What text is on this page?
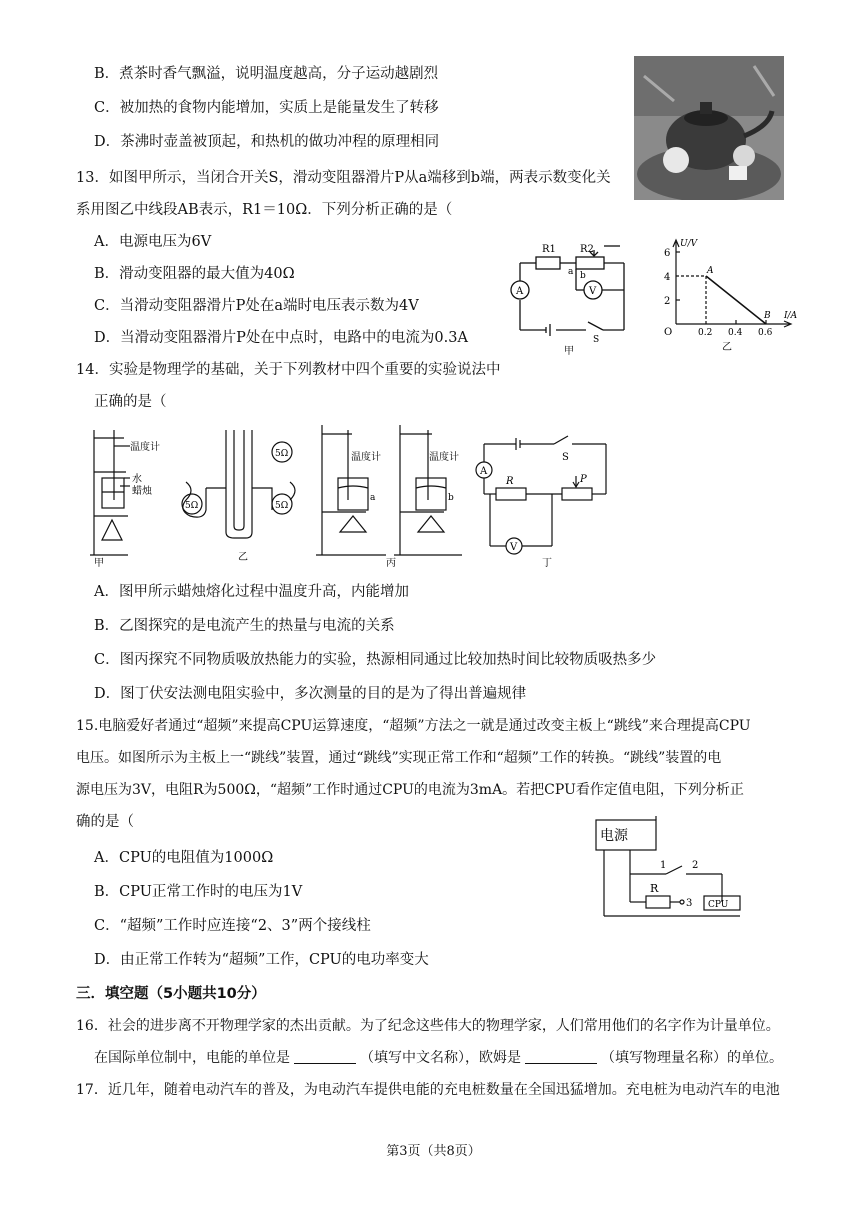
B．煮茶时香气飘溢，说明温度越高，分子运动越剧烈
C．被加热的食物内能增加，实质上是能量发生了转移
D．茶沸时壶盖被顶起，和热机的做功冲程的原理相同
13．如图甲所示，当闭合开关S，滑动变阻器滑片P从a端移到b端，两表示数变化关
系用图乙中线段AB表示，R1＝10Ω．下列分析正确的是（
A．电源电压为6V
B．滑动变阻器的最大值为40Ω
C．当滑动变阻器滑片P处在a端时电压表示数为4V
D．当滑动变阻器滑片P处在中点时，电路中的电流为0.3A
R1 R2
a b
A	V
S
甲
U/V
I/A
O
6
4
2
0.2 0.4 0.6
A
B
乙
14．实验是物理学的基础，关于下列教材中四个重要的实验说法中
正确的是（
温度计
水
蜡烛
甲
5Ω	5Ω
5Ω
乙
温度计	温度计
a	b
丙
A
S
R	P
V
丁
A．图甲所示蜡烛熔化过程中温度升高，内能增加
B．乙图探究的是电流产生的热量与电流的关系
C．图丙探究不同物质吸放热能力的实验，热源相同通过比较加热时间比较物质吸热多少
D．图丁伏安法测电阻实验中，多次测量的目的是为了得出普遍规律
15.电脑爱好者通过“超频”来提高CPU运算速度，“超频”方法之一就是通过改变主板上“跳线”来合理提高CPU
电压。如图所示为主板上一“跳线”装置，通过“跳线”实现正常工作和“超频”工作的转换。“跳线”装置的电
源电压为3V，电阻R为500Ω，“超频”工作时通过CPU的电流为3mA。若把CPU看作定值电阻，下列分析正
确的是（
A．CPU的电阻值为1000Ω
B．CPU正常工作时的电压为1V
C．“超频”工作时应连接“2、3”两个接线柱
D．由正常工作转为“超频”工作，CPU的电功率变大
电源
1	2
3
R
CPU
三．填空题（5小题共10分）
16．社会的进步离不开物理学家的杰出贡献。为了纪念这些伟大的物理学家，人们常用他们的名字作为计量单位。
在国际单位制中，电能的单位是	（填写中文名称），欧姆是	（填写物理量名称）的单位。
17．近几年，随着电动汽车的普及，为电动汽车提供电能的充电桩数量在全国迅猛增加。充电桩为电动汽车的电池
第3页（共8页）
